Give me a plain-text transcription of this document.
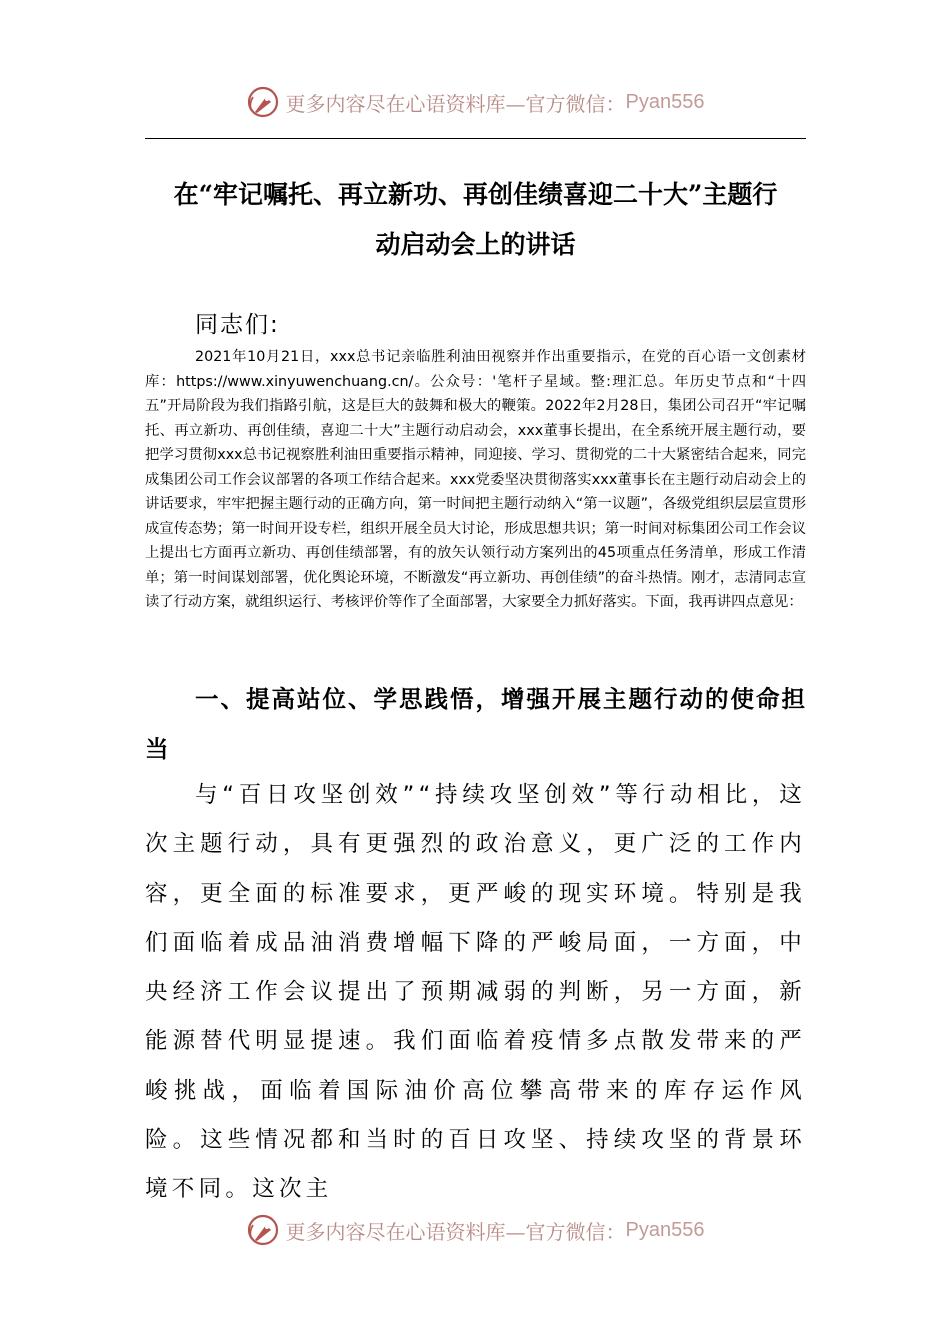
更多内容尽在心语资料库—官方微信： Pyan556
在“牢记嘱托、再立新功、再创佳绩喜迎二十大”主题行
动启动会上的讲话

同志们:

2021年10月21日，xxx总书记亲临胜利油田视察并作出重要指示，在党的百心语一文创素材库：https://www.xinyuwenchuang.cn/。公众号：'笔杆子星域。整:理汇总。年历史节点和“十四五”开局阶段为我们指路引航，这是巨大的鼓舞和极大的鞭策。2022年2月28日，集团公司召开“牢记嘱托、再立新功、再创佳绩，喜迎二十大”主题行动启动会，xxx董事长提出，在全系统开展主题行动，要把学习贯彻xxx总书记视察胜利油田重要指示精神，同迎接、学习、贯彻党的二十大紧密结合起来，同完成集团公司工作会议部署的各项工作结合起来。xxx党委坚决贯彻落实xxx董事长在主题行动启动会上的讲话要求，牢牢把握主题行动的正确方向，第一时间把主题行动纳入“第一议题”，各级党组织层层宣贯形成宣传态势；第一时间开设专栏，组织开展全员大讨论，形成思想共识；第一时间对标集团公司工作会议上提出七方面再立新功、再创佳绩部署，有的放矢认领行动方案列出的45项重点任务清单，形成工作清单；第一时间谋划部署，优化舆论环境，不断激发“再立新功、再创佳绩”的奋斗热情。刚才，志清同志宣读了行动方案，就组织运行、考核评价等作了全面部署，大家要全力抓好落实。下面，我再讲四点意见：

一、提高站位、学思践悟，增强开展主题行动的使命担当

与“百日攻坚创效”“持续攻坚创效”等行动相比，这次主题行动，具有更强烈的政治意义，更广泛的工作内容，更全面的标准要求，更严峻的现实环境。特别是我们面临着成品油消费增幅下降的严峻局面，一方面，中央经济工作会议提出了预期减弱的判断，另一方面，新能源替代明显提速。我们面临着疫情多点散发带来的严峻挑战，面临着国际油价高位攀高带来的库存运作风险。这些情况都和当时的百日攻坚、持续攻坚的背景环境不同。这次主

更多内容尽在心语资料库—官方微信： Pyan556
